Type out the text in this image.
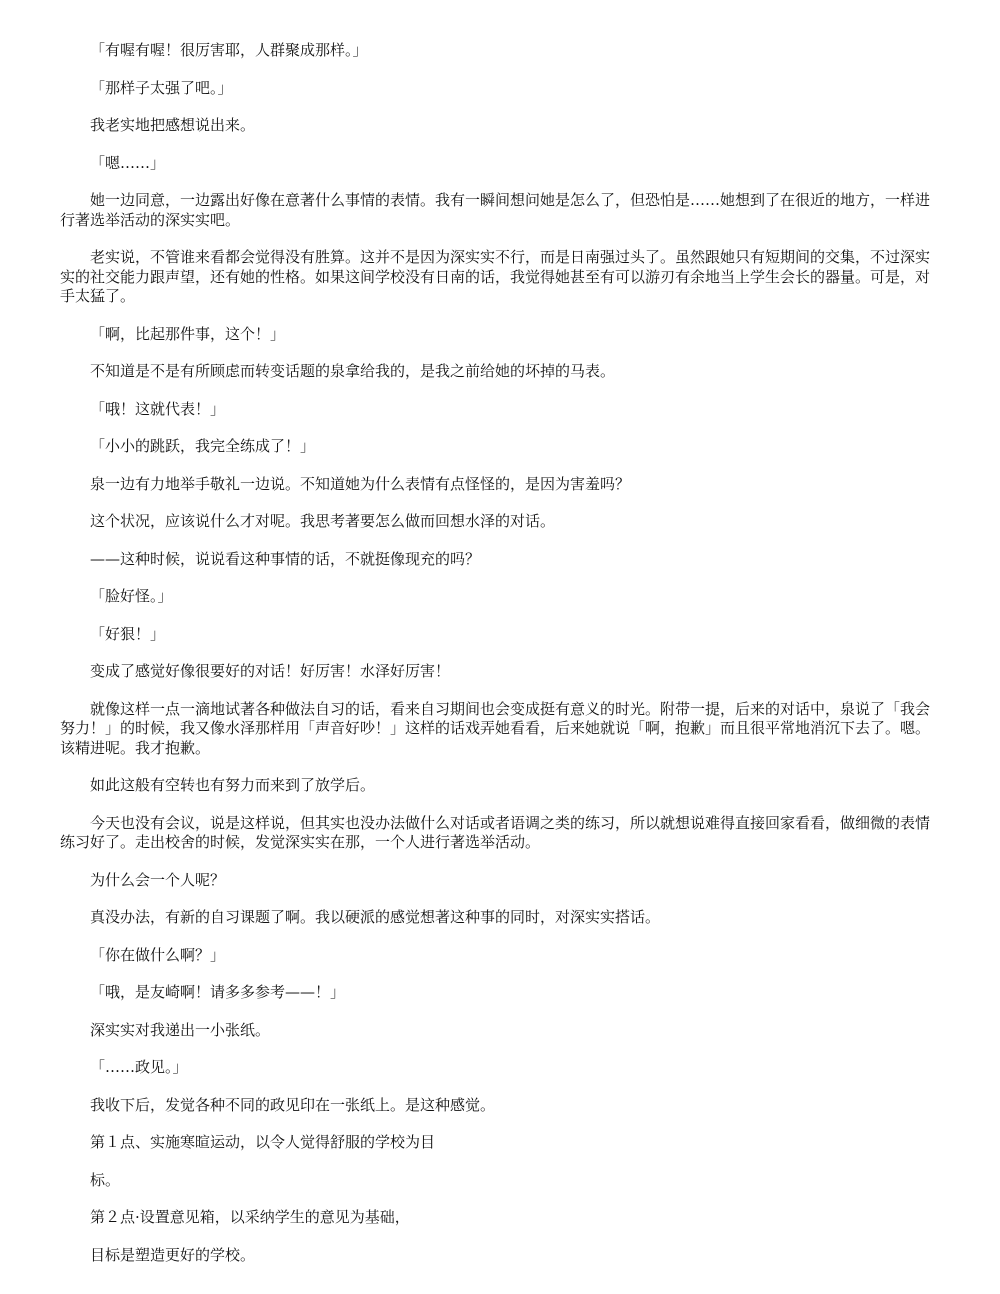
「有喔有喔！很厉害耶，人群聚成那样。」

「那样子太强了吧。」

我老实地把感想说出来。

「嗯……」

她一边同意，一边露出好像在意著什么事情的表情。我有一瞬间想问她是怎么了，但恐怕是……她想到了在很近的地方，一样进行著选举活动的深实实吧。

老实说，不管谁来看都会觉得没有胜算。这并不是因为深实实不行，而是日南强过头了。虽然跟她只有短期间的交集，不过深实实的社交能力跟声望，还有她的性格。如果这间学校没有日南的话，我觉得她甚至有可以游刃有余地当上学生会长的器量。可是，对手太猛了。

「啊，比起那件事，这个！」

不知道是不是有所顾虑而转变话题的泉拿给我的，是我之前给她的坏掉的马表。

「哦！这就代表！」

「小小的跳跃，我完全练成了！」

泉一边有力地举手敬礼一边说。不知道她为什么表情有点怪怪的，是因为害羞吗？

这个状况，应该说什么才对呢。我思考著要怎么做而回想水泽的对话。

——这种时候，说说看这种事情的话，不就挺像现充的吗？

「脸好怪。」

「好狠！」

变成了感觉好像很要好的对话！好厉害！水泽好厉害！

就像这样一点一滴地试著各种做法自习的话，看来自习期间也会变成挺有意义的时光。附带一提，后来的对话中，泉说了「我会努力！」的时候，我又像水泽那样用「声音好吵！」这样的话戏弄她看看，后来她就说「啊，抱歉」而且很平常地消沉下去了。嗯。该精进呢。我才抱歉。

如此这般有空转也有努力而来到了放学后。

今天也没有会议，说是这样说，但其实也没办法做什么对话或者语调之类的练习，所以就想说难得直接回家看看，做细微的表情练习好了。走出校舍的时候，发觉深实实在那，一个人进行著选举活动。

为什么会一个人呢？

真没办法，有新的自习课题了啊。我以硬派的感觉想著这种事的同时，对深实实搭话。

「你在做什么啊？」

「哦，是友崎啊！请多多参考——！」

深实实对我递出一小张纸。

「……政见。」

我收下后，发觉各种不同的政见印在一张纸上。是这种感觉。

第１点、实施寒暄运动，以令人觉得舒服的学校为目

标。

第２点·设置意见箱，以采纳学生的意见为基础，

目标是塑造更好的学校。
